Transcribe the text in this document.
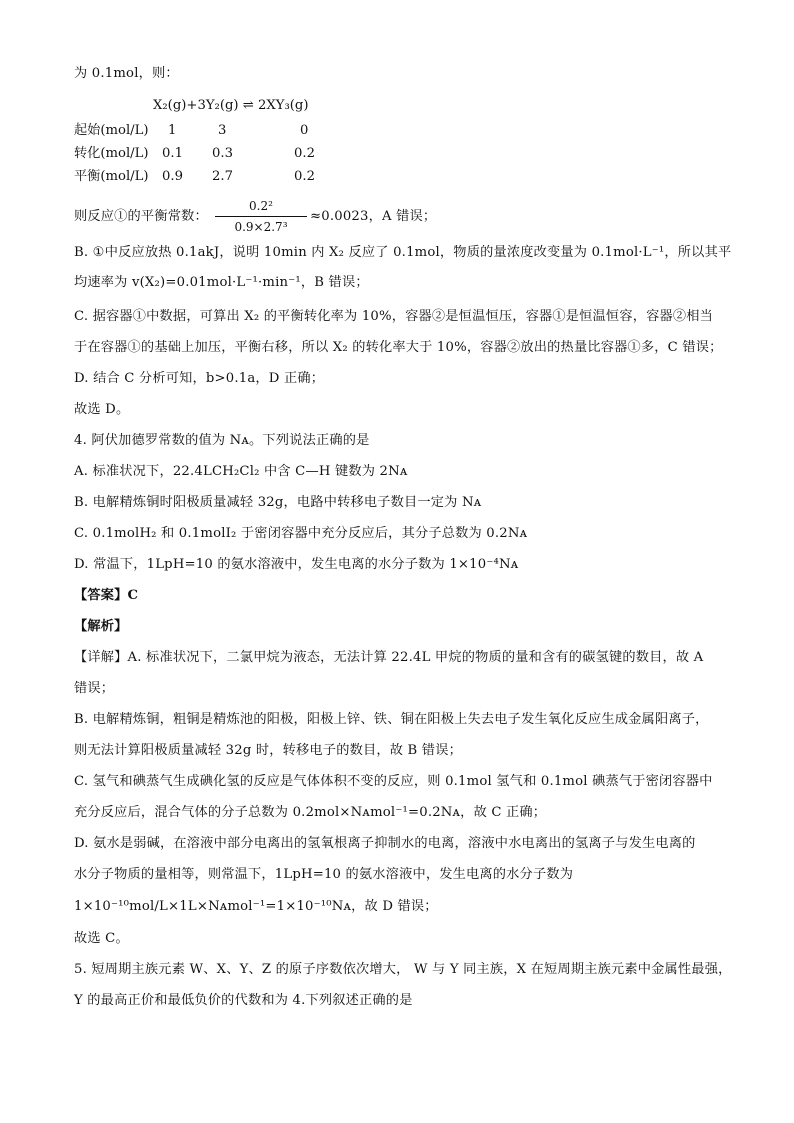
为 0.1mol，则：
X₂(g)+3Y₂(g) ⇌ 2XY₃(g)
起始(mol/L) 1	3	0
转化(mol/L) 0.1 0.3	0.2
平衡(mol/L) 0.9 2.7	0.2
则反应①的平衡常数：
0.2²
0.9×2.7³
≈0.0023，A 错误；
B. ①中反应放热 0.1akJ，说明 10min 内 X₂ 反应了 0.1mol，物质的量浓度改变量为 0.1mol·L⁻¹，所以其平
均速率为 v(X₂)=0.01mol·L⁻¹·min⁻¹，B 错误；
C. 据容器①中数据，可算出 X₂ 的平衡转化率为 10%，容器②是恒温恒压，容器①是恒温恒容，容器②相当
于在容器①的基础上加压，平衡右移，所以 X₂ 的转化率大于 10%，容器②放出的热量比容器①多，C 错误；
D. 结合 C 分析可知，b>0.1a，D 正确；
故选 D。
4. 阿伏加德罗常数的值为 Nᴀ。下列说法正确的是
A. 标准状况下，22.4LCH₂Cl₂ 中含 C—H 键数为 2Nᴀ
B. 电解精炼铜时阳极质量减轻 32g，电路中转移电子数目一定为 Nᴀ
C. 0.1molH₂ 和 0.1molI₂ 于密闭容器中充分反应后，其分子总数为 0.2Nᴀ
D. 常温下，1LpH=10 的氨水溶液中，发生电离的水分子数为 1×10⁻⁴Nᴀ
【答案】C
【解析】
【详解】A. 标准状况下，二氯甲烷为液态，无法计算 22.4L 甲烷的物质的量和含有的碳氢键的数目，故 A
错误；
B. 电解精炼铜，粗铜是精炼池的阳极，阳极上锌、铁、铜在阳极上失去电子发生氧化反应生成金属阳离子，
则无法计算阳极质量减轻 32g 时，转移电子的数目，故 B 错误；
C. 氢气和碘蒸气生成碘化氢的反应是气体体积不变的反应，则 0.1mol 氢气和 0.1mol 碘蒸气于密闭容器中
充分反应后，混合气体的分子总数为 0.2mol×Nᴀmol⁻¹=0.2Nᴀ，故 C 正确；
D. 氨水是弱碱，在溶液中部分电离出的氢氧根离子抑制水的电离，溶液中水电离出的氢离子与发生电离的
水分子物质的量相等，则常温下，1LpH=10 的氨水溶液中，发生电离的水分子数为
1×10⁻¹⁰mol/L×1L×Nᴀmol⁻¹=1×10⁻¹⁰Nᴀ，故 D 错误；
故选 C。
5. 短周期主族元素 W、X、Y、Z 的原子序数依次增大， W 与 Y 同主族，X 在短周期主族元素中金属性最强，
Y 的最高正价和最低负价的代数和为 4.下列叙述正确的是
